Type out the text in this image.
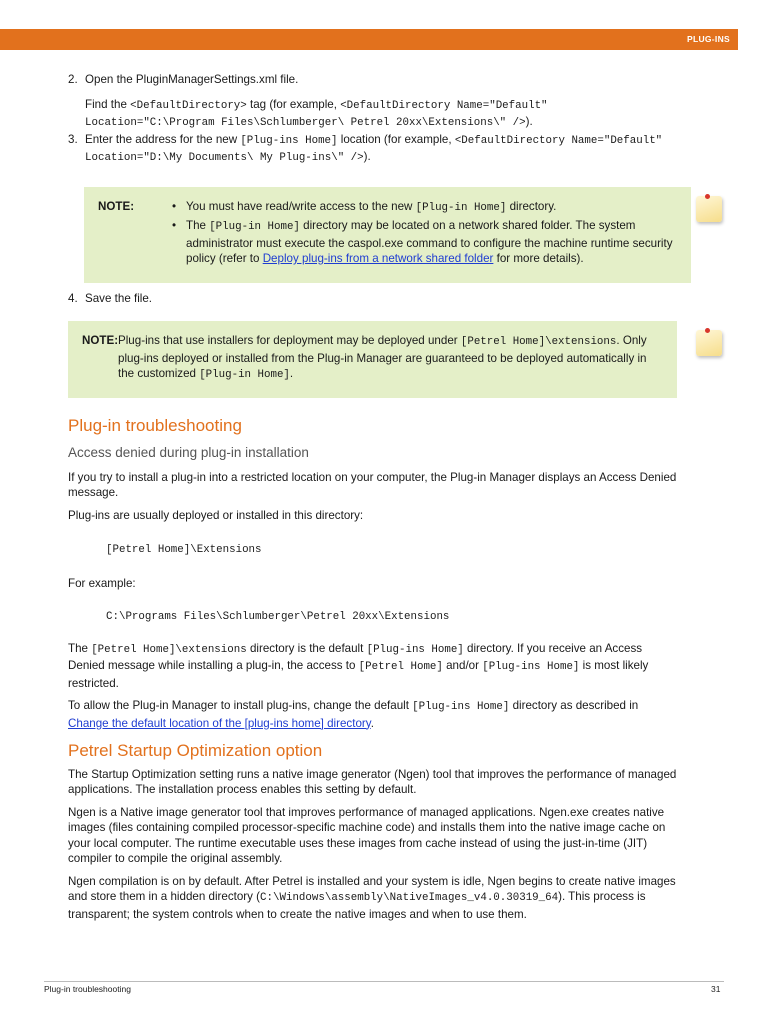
PLUG-INS
2. Open the PluginManagerSettings.xml file.

Find the <DefaultDirectory> tag (for example, <DefaultDirectory Name="Default" Location="C:\Program Files\Schlumberger\ Petrel 20xx\Extensions\" />).

3. Enter the address for the new [Plug-ins Home] location (for example, <DefaultDirectory Name="Default" Location="D:\My Documents\ My Plug-ins\" />).

NOTE:	• You must have read/write access to the new [Plug-in Home] directory.
• The [Plug-in Home] directory may be located on a network shared folder. The system administrator must execute the caspol.exe command to configure the machine runtime security policy (refer to Deploy plug-ins from a network shared folder for more details).
4. Save the file.

NOTE: Plug-ins that use installers for deployment may be deployed under [Petrel Home]\extensions. Only plug-ins deployed or installed from the Plug-in Manager are guaranteed to be deployed automatically in the customized [Plug-in Home].
Plug-in troubleshooting
Access denied during plug-in installation

If you try to install a plug-in into a restricted location on your computer, the Plug-in Manager displays an Access Denied message.

Plug-ins are usually deployed or installed in this directory:

[Petrel Home]\Extensions

For example:

C:\Programs Files\Schlumberger\Petrel 20xx\Extensions

The [Petrel Home]\extensions directory is the default [Plug-ins Home] directory. If you receive an Access Denied message while installing a plug-in, the access to [Petrel Home] and/or [Plug-ins Home] is most likely restricted.

To allow the Plug-in Manager to install plug-ins, change the default [Plug-ins Home] directory as described in Change the default location of the [plug-ins home] directory.

Petrel Startup Optimization option

The Startup Optimization setting runs a native image generator (Ngen) tool that improves the performance of managed applications. The installation process enables this setting by default.

Ngen is a Native image generator tool that improves performance of managed applications. Ngen.exe creates native images (files containing compiled processor-specific machine code) and installs them into the native image cache on your local computer. The runtime executable uses these images from cache instead of using the just-in-time (JIT) compiler to compile the original assembly.

Ngen compilation is on by default. After Petrel is installed and your system is idle, Ngen begins to create native images and store them in a hidden directory (C:\Windows\assembly\NativeImages_v4.0.30319_64). This process is transparent; the system controls when to create the native images and when to use them.

Plug-in troubleshooting	31
